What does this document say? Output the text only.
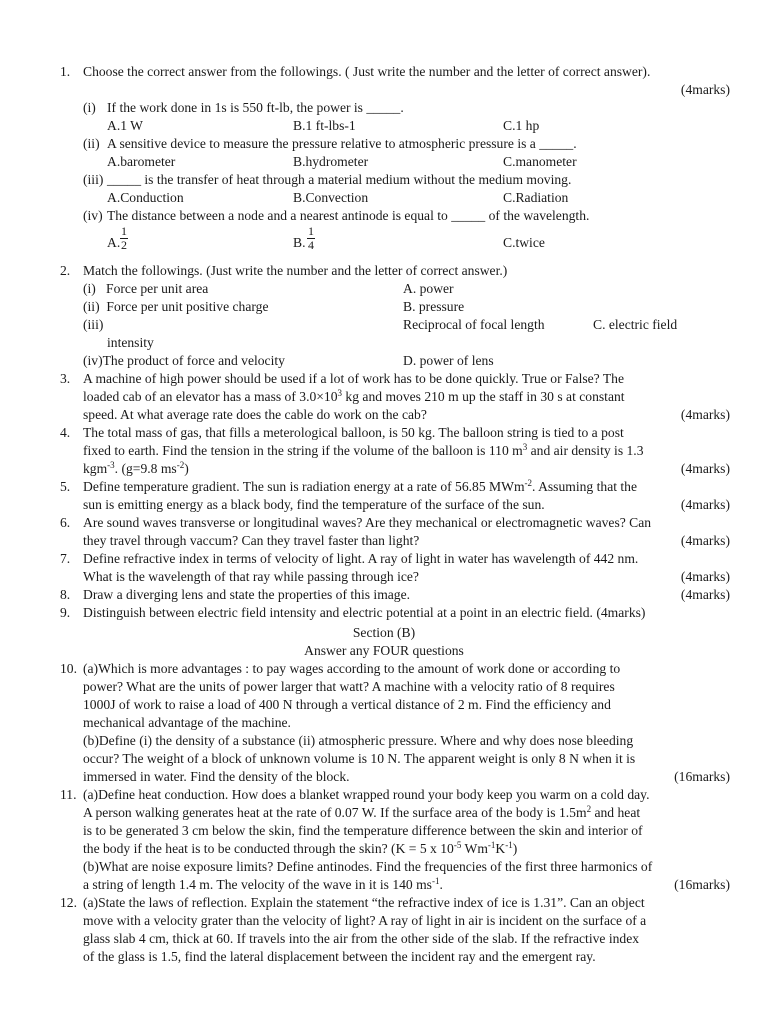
1. Choose the correct answer from the followings. ( Just write the number and the letter of correct answer).
(4marks)
(i) If the work done in 1s is 550 ft-lb, the power is _____.
A.1 W	B.1 ft-lbs-1	C.1 hp
(ii) A sensitive device to measure the pressure relative to atmospheric pressure is a _____.
A.barometer	B.hydrometer	C.manometer
(iii) _____ is the transfer of heat through a material medium without the medium moving.
A.Conduction	B.Convection	C.Radiation
(iv) The distance between a node and a nearest antinode is equal to _____ of the wavelength.
A. $\frac{1}{2}$	B. $\frac{1}{4}$	C.twice
2. Match the followings. (Just write the number and the letter of correct answer.)
(i)   Force per unit area	A. power
(ii)  Force per unit positive charge	B. pressure
(iii)	Reciprocal of focal length	C. electric field
intensity
(iv)The product of force and velocity	D. power of lens
3. A machine of high power should be used if a lot of work has to be done quickly. True or False? The
loaded cab of an elevator has a mass of $3.0\times 10^3$ kg and moves 210 m up the staff in 30 s at constant
speed. At what average rate does the cable do work on the cab?	(4marks)
4. The total mass of gas, that fills a meterological balloon, is 50 kg. The balloon string is tied to a post
fixed to earth. Find the tension in the string if the volume of the balloon is 110 $m^3$ and air density is 1.3
kgm$^{-3}$. (g=9.8 $ms^{-2}$)	(4marks)
5. Define temperature gradient. The sun is radiation energy at a rate of 56.85 MWm$^{-2}$. Assuming that the
sun is emitting energy as a black body, find the temperature of the surface of the sun.	(4marks)
6. Are sound waves transverse or longitudinal waves? Are they mechanical or electromagnetic waves? Can
they travel through vaccum? Can they travel faster than light?	(4marks)
7. Define refractive index in terms of velocity of light. A ray of light in water has wavelength of 442 nm.
What is the wavelength of that ray while passing through ice?	(4marks)
8. Draw a diverging lens and state the properties of this image.	(4marks)
9. Distinguish between electric field intensity and electric potential at a point in an electric field. (4marks)
Section (B)
Answer any FOUR questions
10. (a)Which is more advantages : to pay wages according to the amount of work done or according to
power? What are the units of power larger that watt? A machine with a velocity ratio of 8 requires
1000J of work to raise a load of 400 N through a vertical distance of 2 m. Find the efficiency and
mechanical advantage of the machine.
(b)Define (i) the density of a substance (ii) atmospheric pressure. Where and why does nose bleeding
occur? The weight of a block of unknown volume is 10 N. The apparent weight is only 8 N when it is
immersed in water. Find the density of the block.	(16marks)
11. (a)Define heat conduction. How does a blanket wrapped round your body keep you warm on a cold day.
A person walking generates heat at the rate of 0.07 W. If the surface area of the body is $1.5m^2$ and heat
is to be generated 3 cm below the skin, find the temperature difference between the skin and interior of
the body if the heat is to be conducted through the skin? (K = 5 x $10^{-5}$ $Wm^{-1}K^{-1}$)
(b)What are noise exposure limits? Define antinodes. Find the frequencies of the first three harmonics of
a string of length 1.4 m. The velocity of the wave in it is 140 $ms^{-1}$.	(16marks)
12. (a)State the laws of reflection. Explain the statement “the refractive index of ice is 1.31”. Can an object
move with a velocity grater than the velocity of light? A ray of light in air is incident on the surface of a
glass slab 4 cm, thick at 60. If travels into the air from the other side of the slab. If the refractive index
of the glass is 1.5, find the lateral displacement between the incident ray and the emergent ray.
